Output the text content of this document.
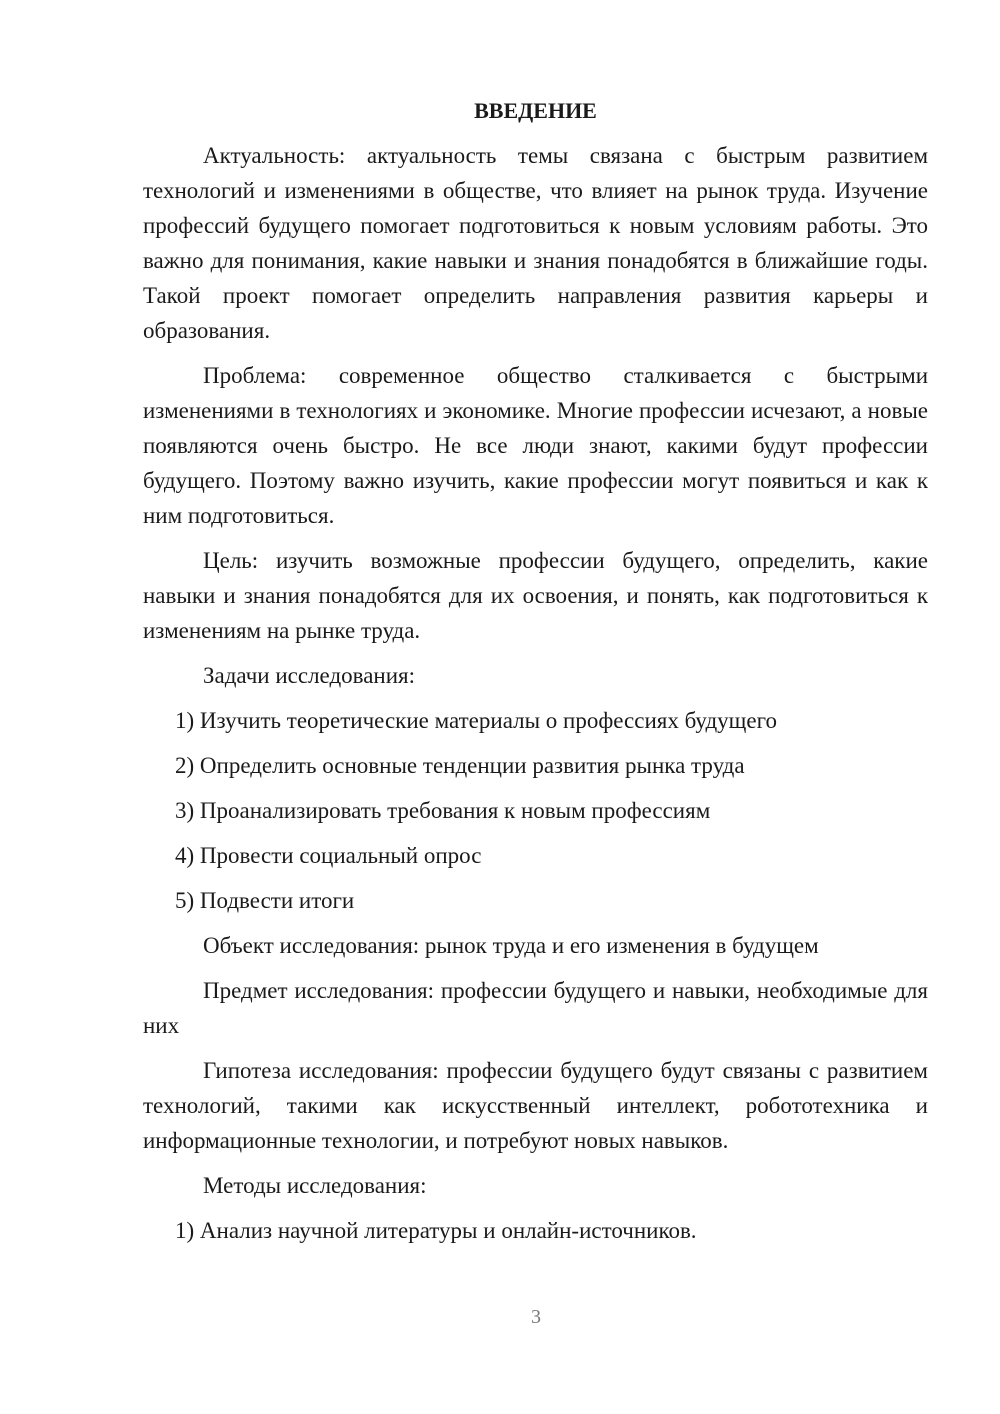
ВВЕДЕНИЕ

Актуальность: актуальность темы связана с быстрым развитием технологий и изменениями в обществе, что влияет на рынок труда. Изучение профессий будущего помогает подготовиться к новым условиям работы. Это важно для понимания, какие навыки и знания понадобятся в ближайшие годы. Такой проект помогает определить направления развития карьеры и образования.

Проблема: современное общество сталкивается с быстрыми изменениями в технологиях и экономике. Многие профессии исчезают, а новые появляются очень быстро. Не все люди знают, какими будут профессии будущего. Поэтому важно изучить, какие профессии могут появиться и как к ним подготовиться.

Цель: изучить возможные профессии будущего, определить, какие навыки и знания понадобятся для их освоения, и понять, как подготовиться к изменениям на рынке труда.

Задачи исследования:

1) Изучить теоретические материалы о профессиях будущего

2) Определить основные тенденции развития рынка труда

3) Проанализировать требования к новым профессиям

4) Провести социальный опрос

5) Подвести итоги

Объект исследования: рынок труда и его изменения в будущем

Предмет исследования: профессии будущего и навыки, необходимые для них

Гипотеза исследования: профессии будущего будут связаны с развитием технологий, такими как искусственный интеллект, робототехника и информационные технологии, и потребуют новых навыков.

Методы исследования:

1) Анализ научной литературы и онлайн-источников.

3
